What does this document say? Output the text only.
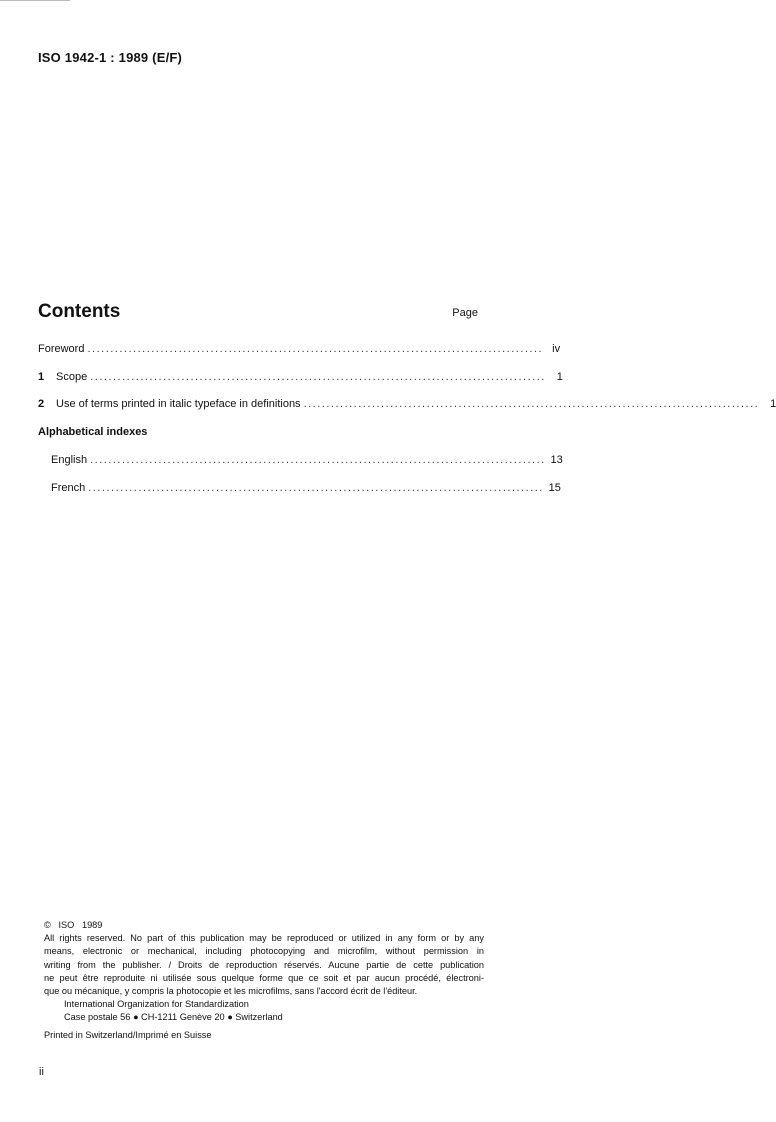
ISO 1942-1 : 1989 (E/F)
Contents	Page
Foreword .................................................................................................... iv
1	Scope .................................................................................................... 1
2	Use of terms printed in italic typeface in definitions .................................................................................................... 1
Alphabetical indexes
English .................................................................................................... 13
French .................................................................................................... 15
© ISO 1989
All rights reserved. No part of this publication may be reproduced or utilized in any form or by any
means, electronic or mechanical, including photocopying and microfilm, without permission in
writing from the publisher. / Droits de reproduction réservés. Aucune partie de cette publication
ne peut être reproduite ni utilisée sous quelque forme que ce soit et par aucun procédé, électroni-
que ou mécanique, y compris la photocopie et les microfilms, sans l'accord écrit de l'éditeur.
International Organization for Standardization
Case postale 56 ● CH-1211 Genève 20 ● Switzerland
Printed in Switzerland/Imprimé en Suisse
ii
